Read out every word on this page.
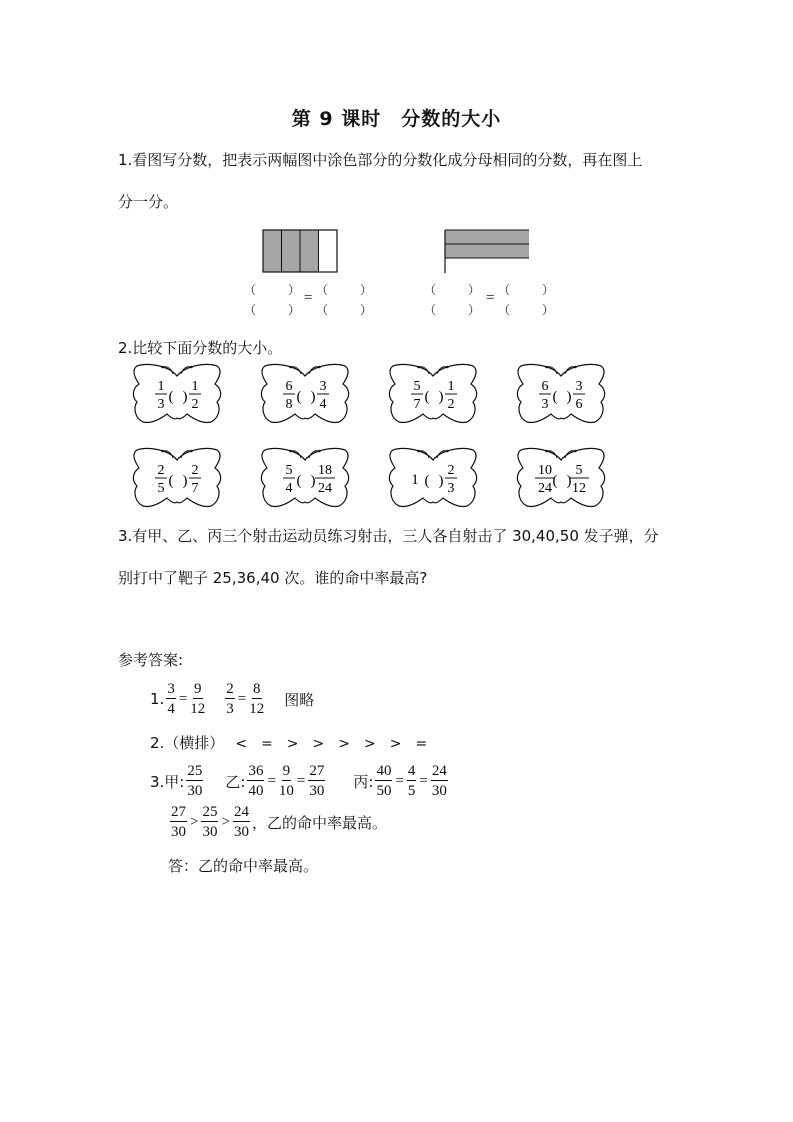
第 9 课时　分数的大小
1.看图写分数，把表示两幅图中涂色部分的分数化成分母相同的分数，再在图上
分一分。
（	）
（	）
= （	）
（	）
（	）
（	）
= （	）
（	）
2.比较下面分数的大小。
1
3 ( )
1
2
6
8 ( )
3
4
5
7 ( )
1
2
6
3 ( )
3
6
2
5 ( )
2
7
5
4 ( )
18
24
1 ( )
2
3
10
24 ( )
5
12
3.有甲、乙、丙三个射击运动员练习射击，三人各自射击了 30,40,50 发子弹，分
别打中了靶子 25,36,40 次。谁的命中率最高?
参考答案:
1. $\frac{3}{4} = \frac{9}{12} \frac{2}{3} = \frac{8}{12}$ 图略
2.（横排） < = > > > > > =
3.甲: $\frac{25}{30}$ 乙: $\frac{36}{40} = \frac{9}{10} = \frac{27}{30}$ 丙: $\frac{40}{50} = \frac{4}{5} = \frac{24}{30}$
$\frac{27}{30} > \frac{25}{30} > \frac{24}{30}$ ，乙的命中率最高。
答：乙的命中率最高。
